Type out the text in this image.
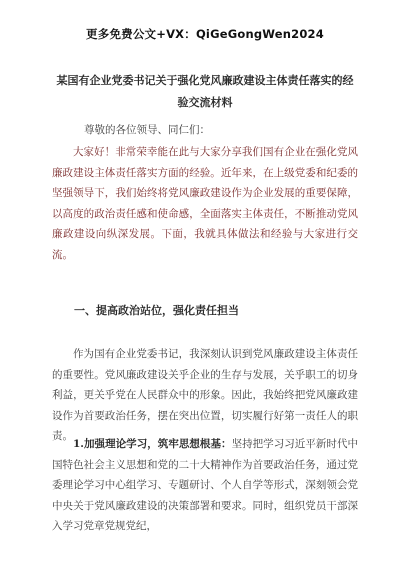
更多免费公文+VX：QiGeGongWen2024
某国有企业党委书记关于强化党风廉政建设主体责任落实的经验交流材料
尊敬的各位领导、同仁们：

大家好！非常荣幸能在此与大家分享我们国有企业在强化党风廉政建设主体责任落实方面的经验。近年来，在上级党委和纪委的坚强领导下，我们始终将党风廉政建设作为企业发展的重要保障，以高度的政治责任感和使命感，全面落实主体责任，不断推动党风廉政建设向纵深发展。下面，我就具体做法和经验与大家进行交流。

一、提高政治站位，强化责任担当

作为国有企业党委书记，我深刻认识到党风廉政建设主体责任的重要性。党风廉政建设关乎企业的生存与发展，关乎职工的切身利益，更关乎党在人民群众中的形象。因此，我始终把党风廉政建设作为首要政治任务，摆在突出位置，切实履行好第一责任人的职责。

1.加强理论学习，筑牢思想根基：坚持把学习习近平新时代中国特色社会主义思想和党的二十大精神作为首要政治任务，通过党委理论学习中心组学习、专题研讨、个人自学等形式，深刻领会党中央关于党风廉政建设的决策部署和要求。同时，组织党员干部深入学习党章党规党纪，
